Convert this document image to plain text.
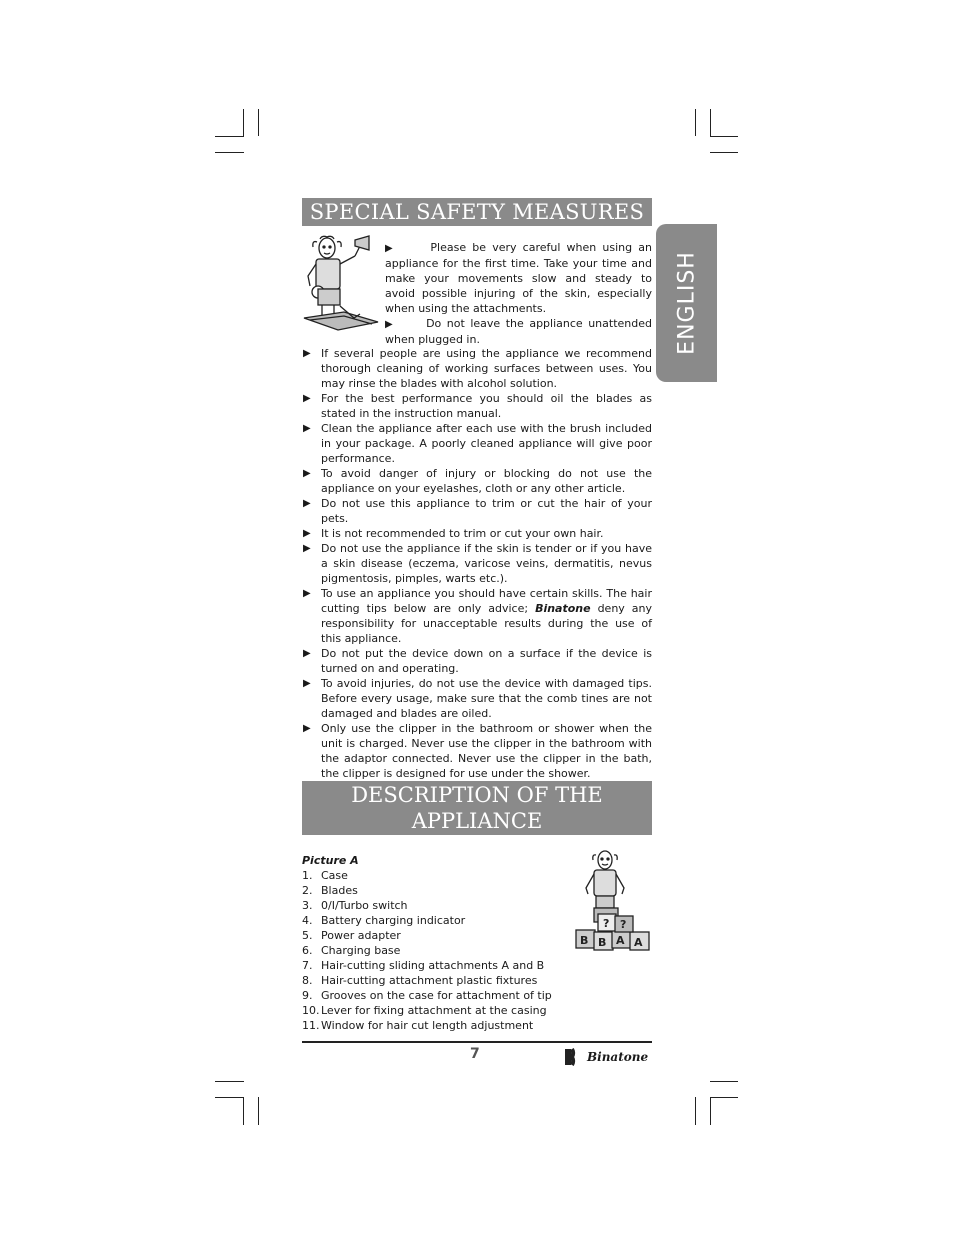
ENGLISH
SPECIAL SAFETY MEASURES

▶      Please be very careful when using an appliance for the first time. Take your time and make your movements slow and steady to avoid possible injuring of the skin, especially when using the attachments.

▶      Do not leave the appliance unattended when plugged in.

▶ If several people are using the appliance we recommend thorough cleaning of working surfaces between uses. You may rinse the blades with alcohol solution.
▶ For the best performance you should oil the blades as stated in the instruction manual.
▶ Clean the appliance after each use with the brush included in your package. A poorly cleaned appliance will give poor performance.
▶ To avoid danger of injury or blocking do not use the appliance on your eyelashes, cloth or any other article.
▶ Do not use this appliance to trim or cut the hair of your pets.
▶ It is not recommended to trim or cut your own hair.
▶ Do not use the appliance if the skin is tender or if you have a skin disease (eczema, varicose veins, dermatitis, nevus pigmentosis, pimples, warts etc.).
▶ To use an appliance you should have certain skills. The hair cutting tips below are only advice; Binatone deny any responsibility for unacceptable results during the use of this appliance.
▶ Do not put the device down on a surface if the device is turned on and operating.
▶ To avoid injuries, do not use the device with damaged tips. Before every usage, make sure that the comb tines are not damaged and blades are oiled.
▶ Only use the clipper in the bathroom or shower when the unit is charged. Never use the clipper in the bathroom with the adaptor connected. Never use the clipper in the bath, the clipper is designed for use under the shower.
DESCRIPTION OF THE
APPLIANCE
Picture A
1. Case
2. Blades
3. 0/I/Turbo switch
4. Battery charging indicator
5. Power adapter
6. Charging base
7. Hair-cutting sliding attachments A and B
8. Hair-cutting attachment plastic fixtures
9. Grooves on the case for attachment of tip
10. Lever for fixing attachment at the casing
11. Window for hair cut length adjustment
B B A A
? ?
7	Binatone
